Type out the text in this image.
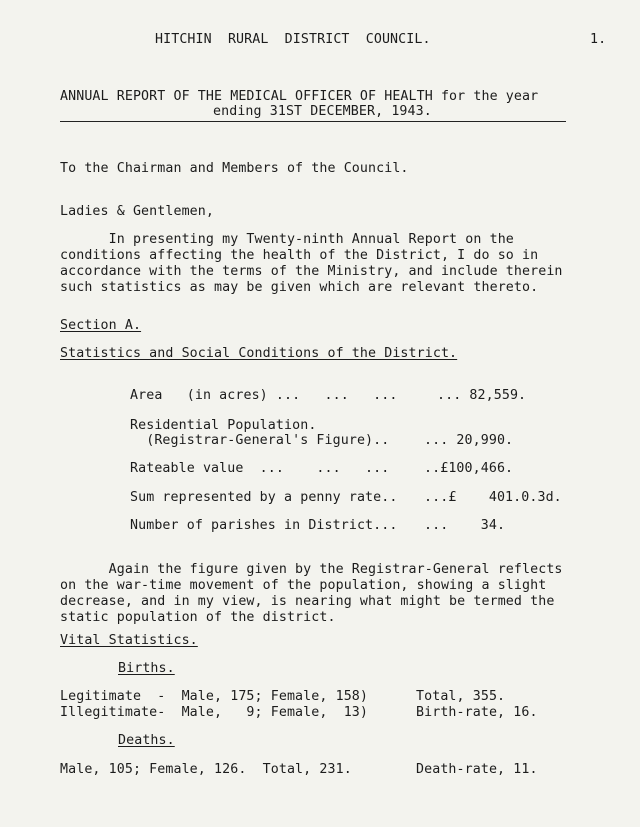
HITCHIN  RURAL  DISTRICT  COUNCIL.	1.
ANNUAL REPORT OF THE MEDICAL OFFICER OF HEALTH for the year
ending 31ST DECEMBER, 1943.
To the Chairman and Members of the Council.
Ladies & Gentlemen,
In presenting my Twenty-ninth Annual Report on the
conditions affecting the health of the District, I do so in
accordance with the terms of the Ministry, and include therein
such statistics as may be given which are relevant thereto.
Section A.
Statistics and Social Conditions of the District.
Area   (in acres) ...   ...   ...	... 82,559.
Residential Population.
(Registrar-General's Figure)..	... 20,990.
Rateable value  ...    ...   ...	..£100,466.
Sum represented by a penny rate.. ...£    401.0.3d.
Number of parishes in District... ...    34.
Again the figure given by the Registrar-General reflects
on the war-time movement of the population, showing a slight
decrease, and in my view, is nearing what might be termed the
static population of the district.
Vital Statistics.
Births.
Legitimate  -  Male, 175; Female, 158)	Total, 355.
Illegitimate-  Male,   9; Female,  13)	Birth-rate, 16.
Deaths.
Male, 105; Female, 126.  Total, 231.	Death-rate, 11.
